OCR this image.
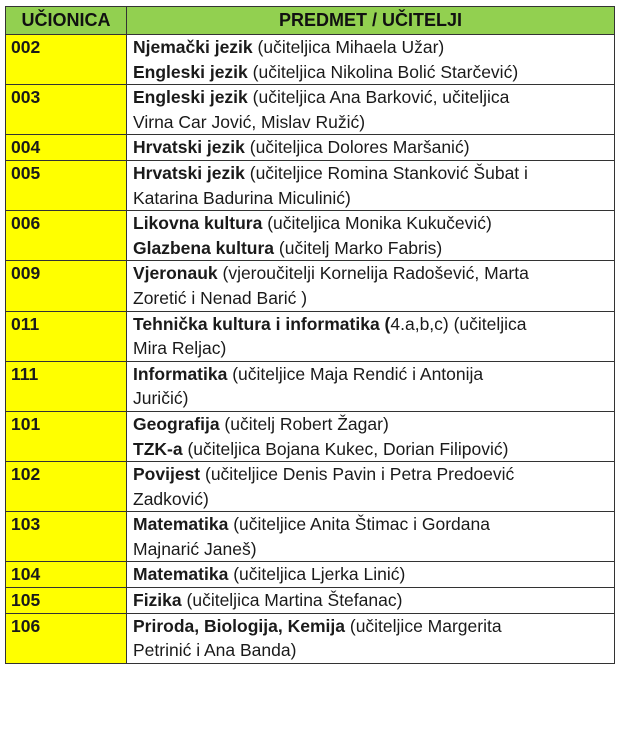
UČIONICA	PREDMET / UČITELJI
002	Njemački jezik (učiteljica Mihaela Užar)
Engleski jezik (učiteljica Nikolina Bolić Starčević)

003	Engleski jezik (učiteljica Ana Barković, učiteljica
Virna Car Jović, Mislav Ružić)

004	Hrvatski jezik (učiteljica Dolores Maršanić)

005	Hrvatski jezik (učiteljice Romina Stanković Šubat i
Katarina Badurina Miculinić)

006	Likovna kultura (učiteljica Monika Kukučević)
Glazbena kultura (učitelj Marko Fabris)

009	Vjeronauk (vjeroučitelji Kornelija Radošević, Marta
Zoretić i Nenad Barić )

011	Tehnička kultura i informatika (4.a,b,c) (učiteljica
Mira Reljac)

111	Informatika (učiteljice Maja Rendić i Antonija
Juričić)

101	Geografija (učitelj Robert Žagar)
TZK-a (učiteljica Bojana Kukec, Dorian Filipović)

102	Povijest (učiteljice Denis Pavin i Petra Predoević
Zadković)

103	Matematika (učiteljice Anita Štimac i Gordana
Majnarić Janeš)

104	Matematika (učiteljica Ljerka Linić)

105	Fizika (učiteljica Martina Štefanac)

106	Priroda, Biologija, Kemija (učiteljice Margerita
Petrinić i Ana Banda)
